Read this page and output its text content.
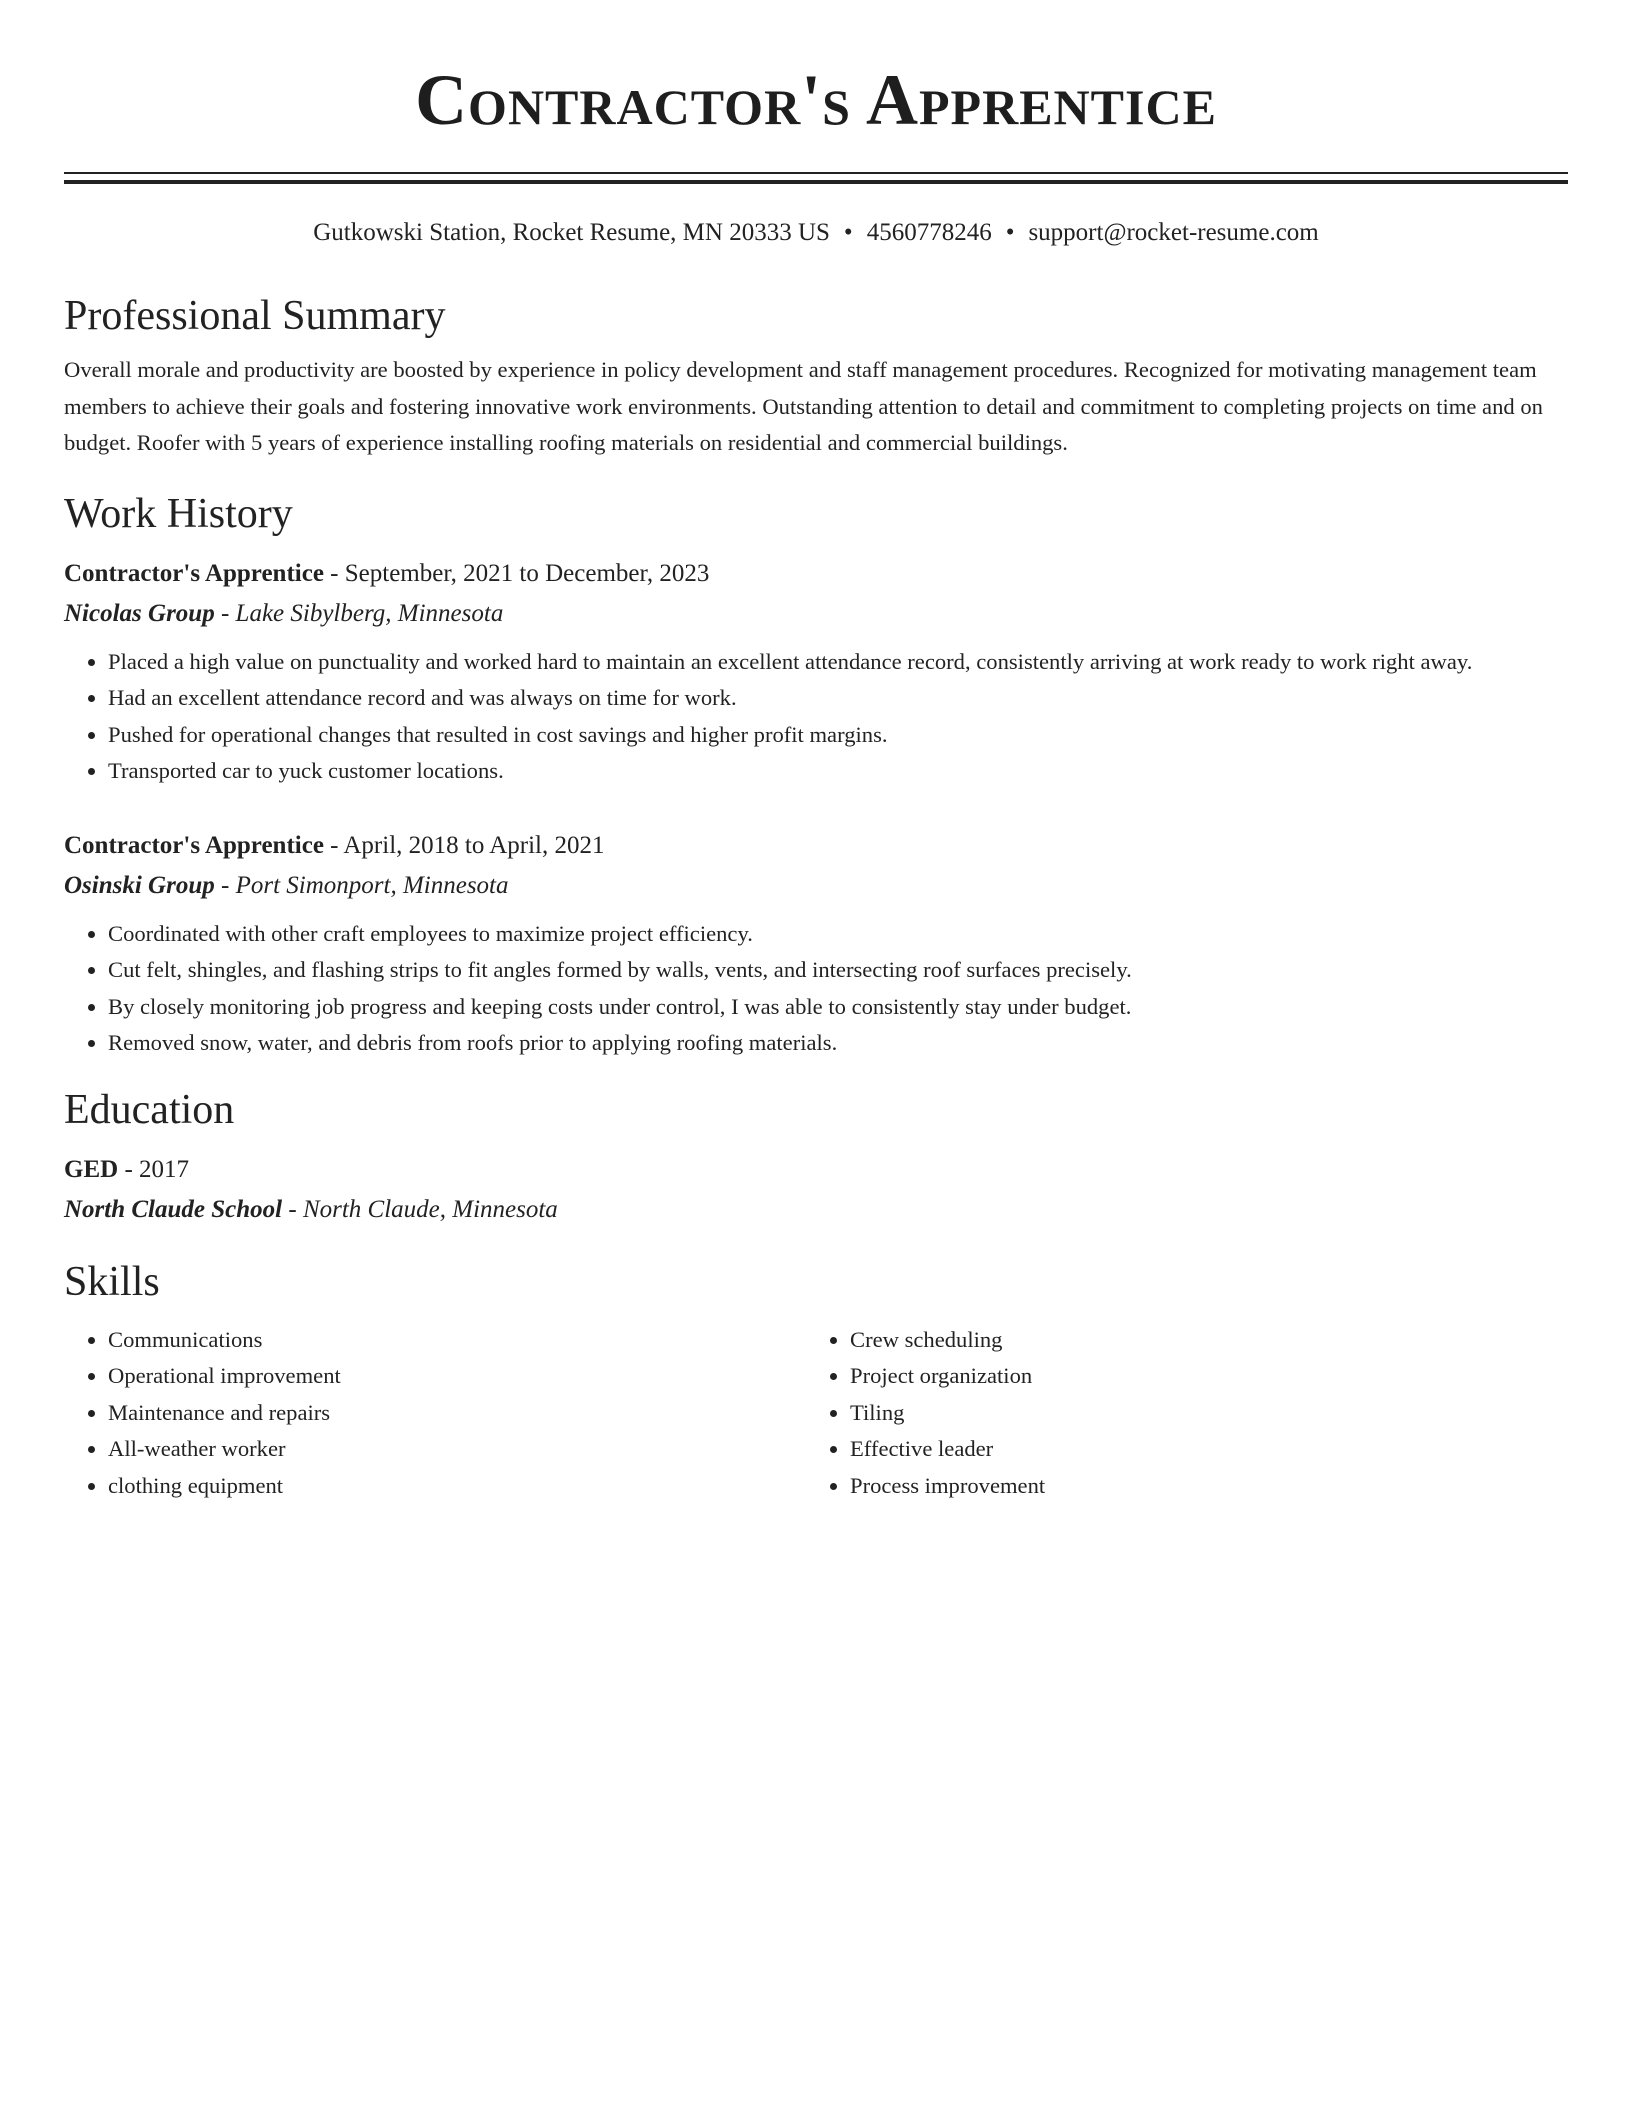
Contractor's Apprentice
Gutkowski Station, Rocket Resume, MN 20333 US • 4560778246 • support@rocket-resume.com
Professional Summary
Overall morale and productivity are boosted by experience in policy development and staff management procedures. Recognized for motivating management team members to achieve their goals and fostering innovative work environments. Outstanding attention to detail and commitment to completing projects on time and on budget. Roofer with 5 years of experience installing roofing materials on residential and commercial buildings.
Work History
Contractor's Apprentice - September, 2021 to December, 2023
Nicolas Group - Lake Sibylberg, Minnesota
• Placed a high value on punctuality and worked hard to maintain an excellent attendance record, consistently arriving at work ready to work right away.
• Had an excellent attendance record and was always on time for work.
• Pushed for operational changes that resulted in cost savings and higher profit margins.
• Transported car to yuck customer locations.
Contractor's Apprentice - April, 2018 to April, 2021
Osinski Group - Port Simonport, Minnesota
• Coordinated with other craft employees to maximize project efficiency.
• Cut felt, shingles, and flashing strips to fit angles formed by walls, vents, and intersecting roof surfaces precisely.
• By closely monitoring job progress and keeping costs under control, I was able to consistently stay under budget.
• Removed snow, water, and debris from roofs prior to applying roofing materials.
Education
GED - 2017
North Claude School - North Claude, Minnesota
Skills
• Communications
• Operational improvement
• Maintenance and repairs
• All-weather worker
• clothing equipment
• Crew scheduling
• Project organization
• Tiling
• Effective leader
• Process improvement
